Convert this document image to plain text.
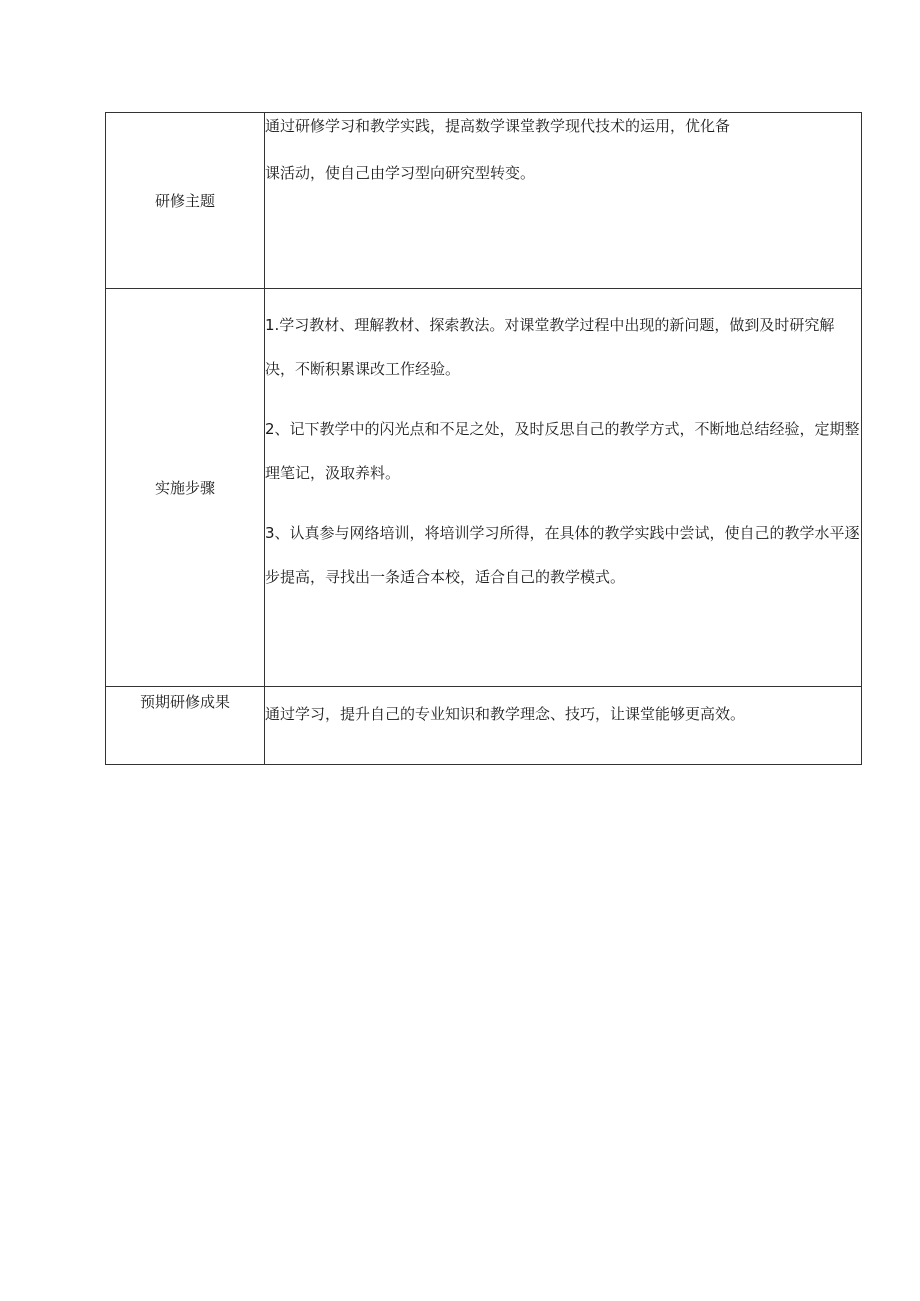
研修主题	通过研修学习和教学实践，提高数学课堂教学现代技术的运用，优化备

课活动，使自己由学习型向研究型转变。

实施步骤	1.学习教材、理解教材、探索教法。对课堂教学过程中出现的新问题，做到及时研究解决，不断积累课改工作经验。

2、记下教学中的闪光点和不足之处，及时反思自己的教学方式，不断地总结经验，定期整理笔记，汲取养料。

3、认真参与网络培训，将培训学习所得，在具体的教学实践中尝试，使自己的教学水平逐步提高，寻找出一条适合本校，适合自己的教学模式。

预期研修成果	通过学习，提升自己的专业知识和教学理念、技巧，让课堂能够更高效。
